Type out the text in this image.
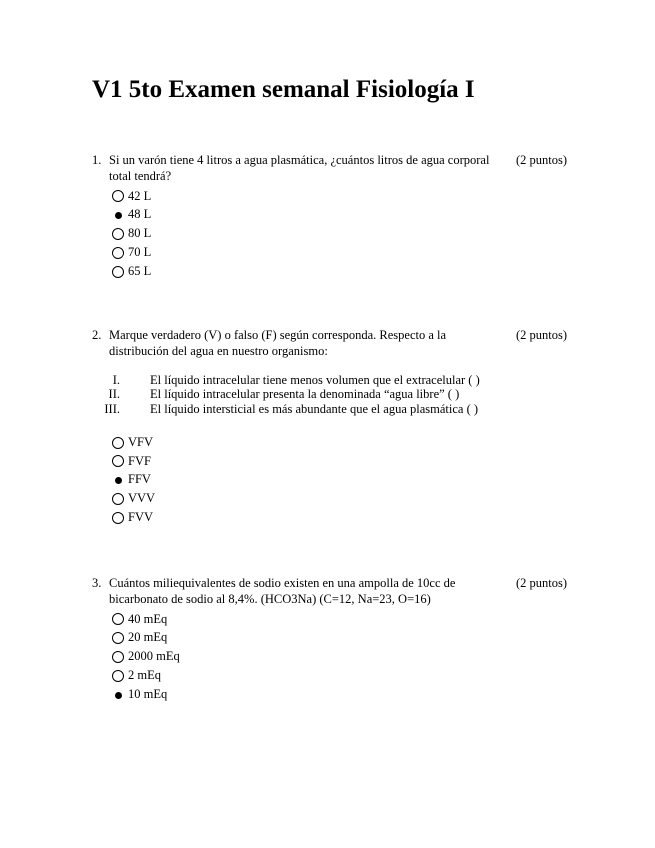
V1 5to Examen semanal Fisiología I
1. Si un varón tiene 4 litros a agua plasmática, ¿cuántos litros de agua corporal total tendrá?
(2 puntos)
42 L
48 L
80 L
70 L
65 L
2. Marque verdadero (V) o falso (F) según corresponda. Respecto a la distribución del agua en nuestro organismo:
(2 puntos)
I. El líquido intracelular tiene menos volumen que el extracelular ( )
II. El líquido intracelular presenta la denominada “agua libre” ( )
III. El líquido intersticial es más abundante que el agua plasmática ( )
VFV
FVF
FFV
VVV
FVV
3. Cuántos miliequivalentes de sodio existen en una ampolla de 10cc de bicarbonato de sodio al 8,4%. (HCO3Na) (C=12, Na=23, O=16)
(2 puntos)
40 mEq
20 mEq
2000 mEq
2 mEq
10 mEq
